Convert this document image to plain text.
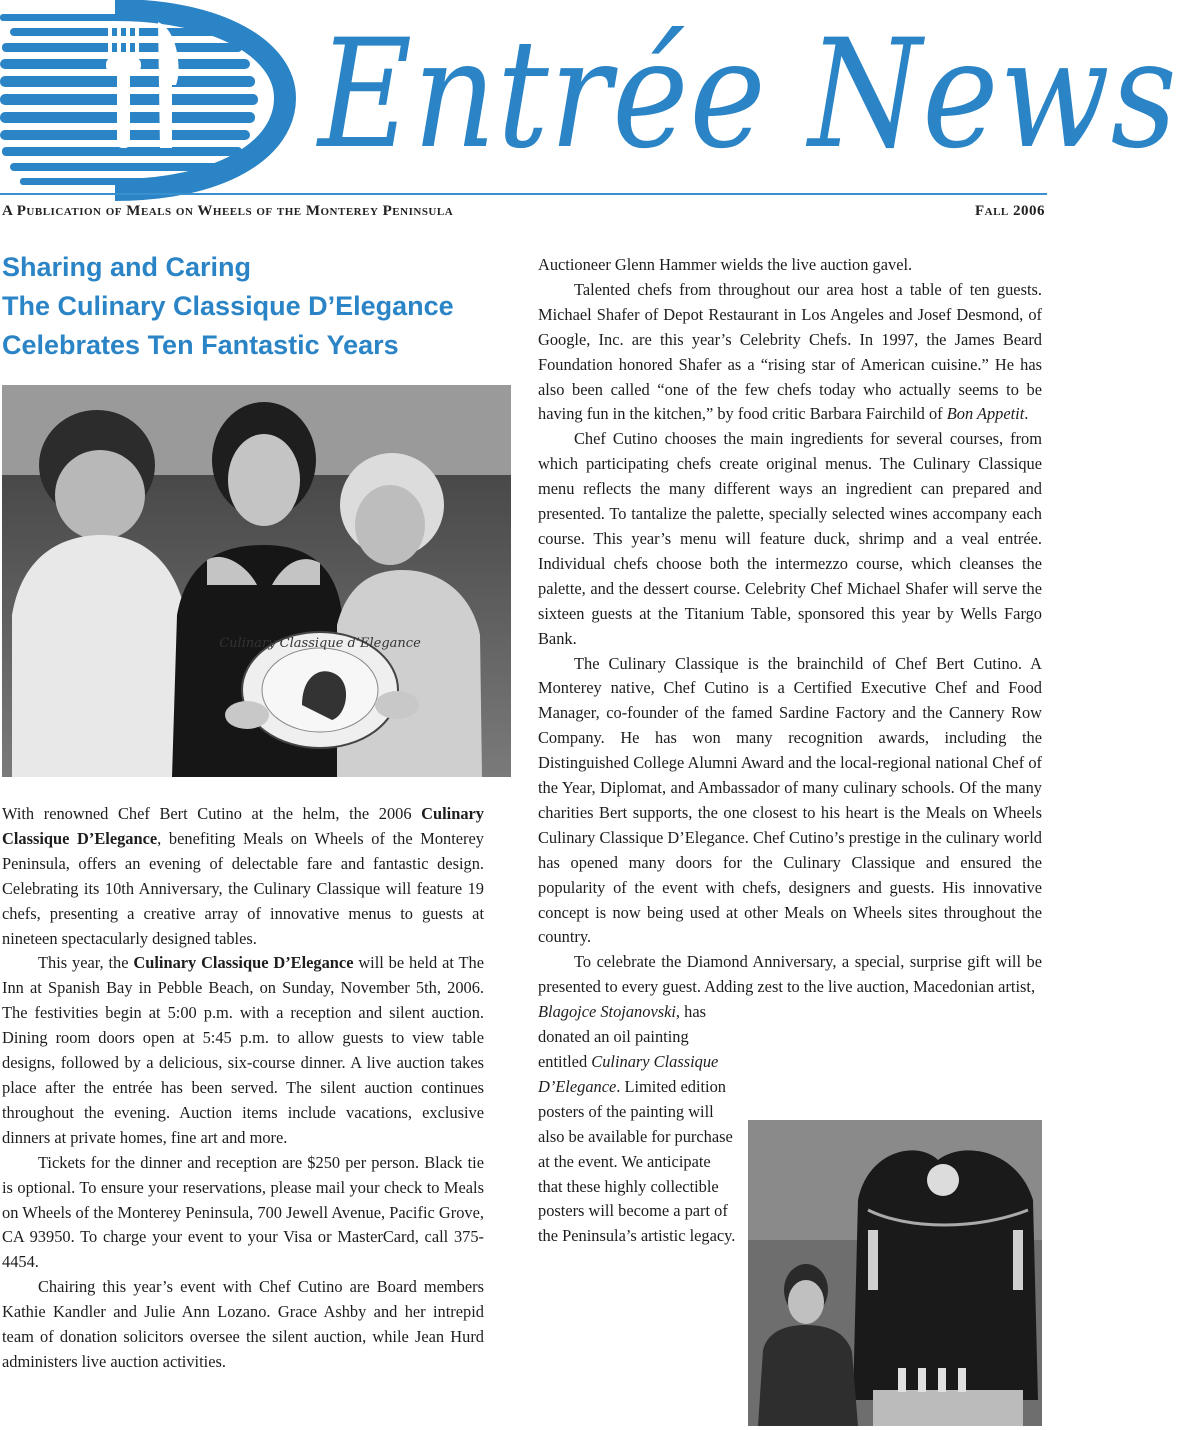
Entrée News
A Publication of Meals on Wheels of the Monterey Peninsula	Fall 2006
Sharing and Caring
The Culinary Classique D’Elegance
Celebrates Ten Fantastic Years
Culinary Classique d’Elegance

With renowned Chef Bert Cutino at the helm, the 2006 Culinary Classique D’Elegance, benefiting Meals on Wheels of the Monterey Peninsula, offers an evening of delectable fare and fantastic design. Celebrating its 10th Anniversary, the Culinary Classique will feature 19 chefs, presenting a creative array of innovative menus to guests at nineteen spectacularly designed tables.

This year, the Culinary Classique D’Elegance will be held at The Inn at Spanish Bay in Pebble Beach, on Sunday, November 5th, 2006. The festivities begin at 5:00 p.m. with a reception and silent auction. Dining room doors open at 5:45 p.m. to allow guests to view table designs, followed by a delicious, six-course dinner. A live auction takes place after the entrée has been served. The silent auction continues throughout the evening. Auction items include vacations, exclusive dinners at private homes, fine art and more.

Tickets for the dinner and reception are $250 per person. Black tie is optional. To ensure your reservations, please mail your check to Meals on Wheels of the Monterey Peninsula, 700 Jewell Avenue, Pacific Grove, CA 93950. To charge your event to your Visa or MasterCard, call 375-4454.

Chairing this year’s event with Chef Cutino are Board members Kathie Kandler and Julie Ann Lozano. Grace Ashby and her intrepid team of donation solicitors oversee the silent auction, while Jean Hurd administers live auction activities.

Auctioneer Glenn Hammer wields the live auction gavel.

Talented chefs from throughout our area host a table of ten guests. Michael Shafer of Depot Restaurant in Los Angeles and Josef Desmond, of Google, Inc. are this year’s Celebrity Chefs. In 1997, the James Beard Foundation honored Shafer as a “rising star of American cuisine.” He has also been called “one of the few chefs today who actually seems to be having fun in the kitchen,” by food critic Barbara Fairchild of Bon Appetit.

Chef Cutino chooses the main ingredients for several courses, from which participating chefs create original menus. The Culinary Classique menu reflects the many different ways an ingredient can prepared and presented. To tantalize the palette, specially selected wines accompany each course. This year’s menu will feature duck, shrimp and a veal entrée. Individual chefs choose both the intermezzo course, which cleanses the palette, and the dessert course. Celebrity Chef Michael Shafer will serve the sixteen guests at the Titanium Table, sponsored this year by Wells Fargo Bank.

The Culinary Classique is the brainchild of Chef Bert Cutino. A Monterey native, Chef Cutino is a Certified Executive Chef and Food Manager, co-founder of the famed Sardine Factory and the Cannery Row Company. He has won many recognition awards, including the Distinguished College Alumni Award and the local-regional national Chef of the Year, Diplomat, and Ambassador of many culinary schools. Of the many charities Bert supports, the one closest to his heart is the Meals on Wheels Culinary Classique D’Elegance. Chef Cutino’s prestige in the culinary world has opened many doors for the Culinary Classique and ensured the popularity of the event with chefs, designers and guests. His innovative concept is now being used at other Meals on Wheels sites throughout the country.

To celebrate the Diamond Anniversary, a special, surprise gift will be presented to every guest. Adding zest to the live auction, Macedonian artist,

Blagojce Stojanovski, has donated an oil painting entitled Culinary Classique D’Elegance. Limited edition posters of the painting will also be available for purchase at the event. We anticipate that these highly collectible posters will become a part of the Peninsula’s artistic legacy.
